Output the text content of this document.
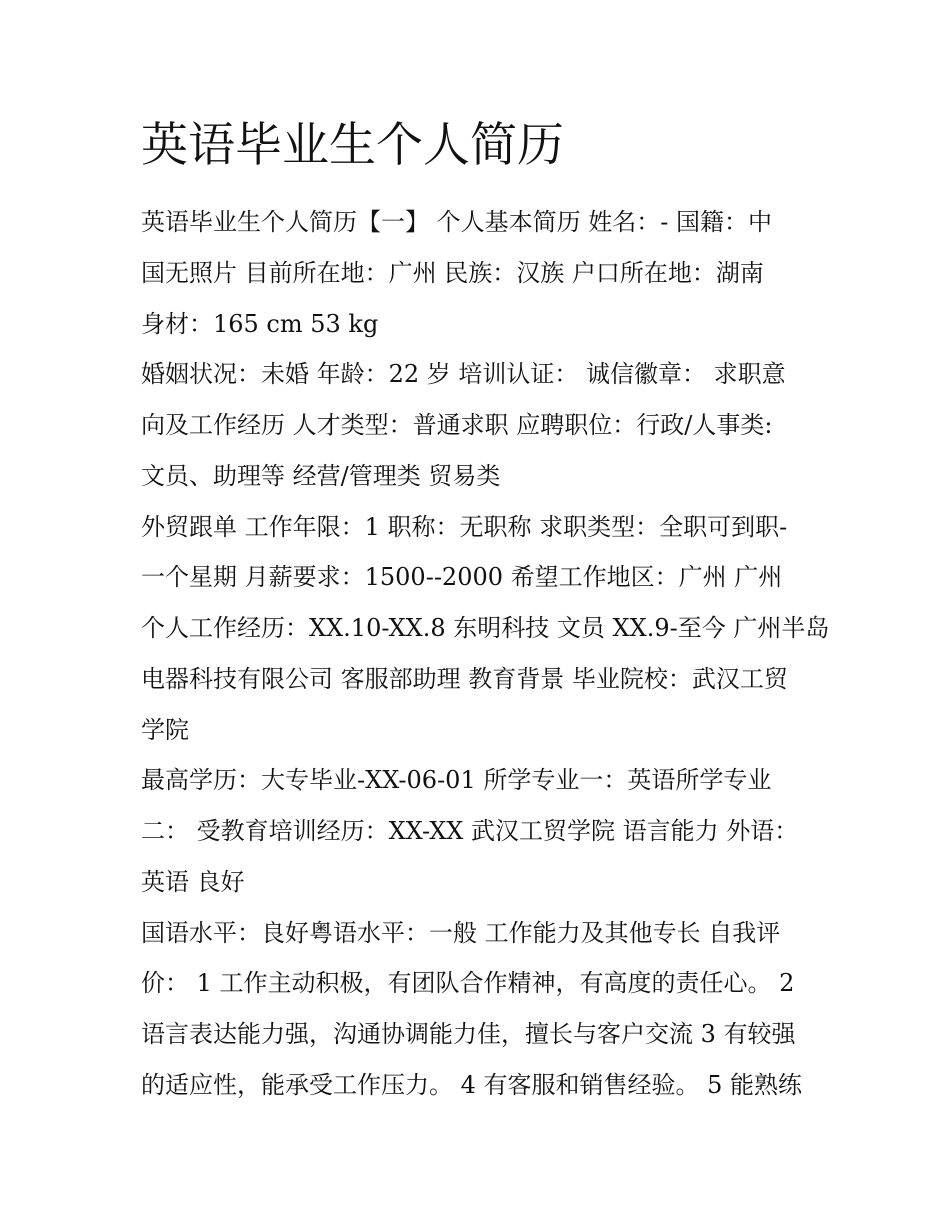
英语毕业生个人简历

英语毕业生个人简历【一】 个人基本简历 姓名：- 国籍：中

国无照片 目前所在地：广州 民族：汉族 户口所在地：湖南

身材：165 cm 53 kg

婚姻状况：未婚 年龄：22 岁 培训认证： 诚信徽章： 求职意

向及工作经历 人才类型：普通求职 应聘职位：行政/人事类:

文员、助理等 经营/管理类 贸易类

外贸跟单 工作年限：1 职称：无职称 求职类型：全职可到职-

一个星期 月薪要求：1500--2000 希望工作地区：广州 广州

个人工作经历：XX.10-XX.8 东明科技 文员 XX.9-至今 广州半岛

电器科技有限公司 客服部助理 教育背景 毕业院校：武汉工贸

学院

最高学历：大专毕业-XX-06-01 所学专业一：英语所学专业

二： 受教育培训经历：XX-XX 武汉工贸学院 语言能力 外语：

英语 良好

国语水平：良好粤语水平：一般 工作能力及其他专长 自我评

价： 1 工作主动积极，有团队合作精神，有高度的责任心。 2

语言表达能力强，沟通协调能力佳，擅长与客户交流 3 有较强

的适应性，能承受工作压力。 4 有客服和销售经验。 5 能熟练
